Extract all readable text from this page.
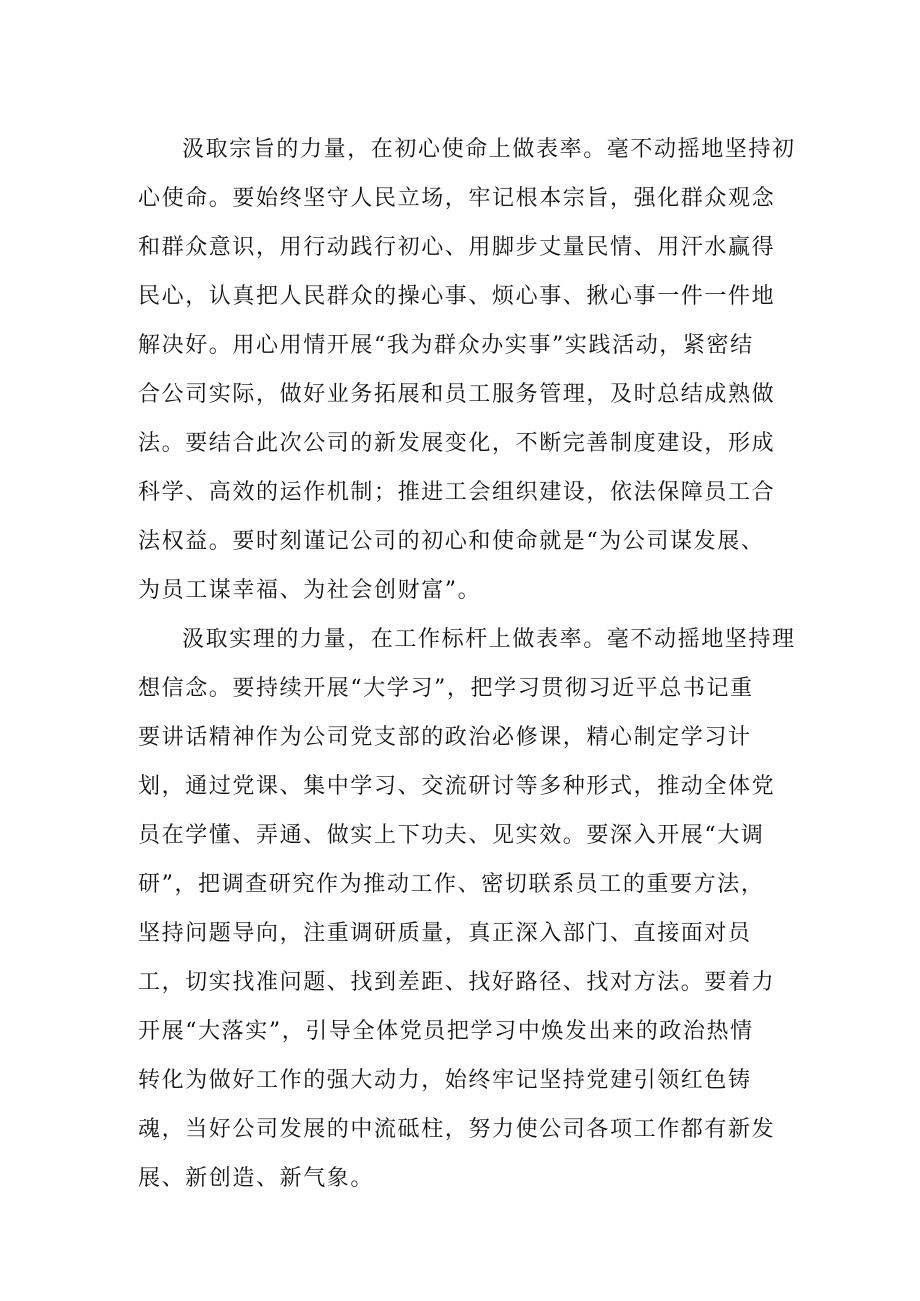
汲取宗旨的力量，在初心使命上做表率。毫不动摇地坚持初
心使命。要始终坚守人民立场，牢记根本宗旨，强化群众观念
和群众意识，用行动践行初心、用脚步丈量民情、用汗水赢得
民心，认真把人民群众的操心事、烦心事、揪心事一件一件地
解决好。用心用情开展“我为群众办实事”实践活动，紧密结
合公司实际，做好业务拓展和员工服务管理，及时总结成熟做
法。要结合此次公司的新发展变化，不断完善制度建设，形成
科学、高效的运作机制；推进工会组织建设，依法保障员工合
法权益。要时刻谨记公司的初心和使命就是“为公司谋发展、
为员工谋幸福、为社会创财富”。
汲取实理的力量，在工作标杆上做表率。毫不动摇地坚持理
想信念。要持续开展“大学习”，把学习贯彻习近平总书记重
要讲话精神作为公司党支部的政治必修课，精心制定学习计
划，通过党课、集中学习、交流研讨等多种形式，推动全体党
员在学懂、弄通、做实上下功夫、见实效。要深入开展“大调
研”，把调查研究作为推动工作、密切联系员工的重要方法，
坚持问题导向，注重调研质量，真正深入部门、直接面对员
工，切实找准问题、找到差距、找好路径、找对方法。要着力
开展“大落实”，引导全体党员把学习中焕发出来的政治热情
转化为做好工作的强大动力，始终牢记坚持党建引领红色铸
魂，当好公司发展的中流砥柱，努力使公司各项工作都有新发
展、新创造、新气象。
